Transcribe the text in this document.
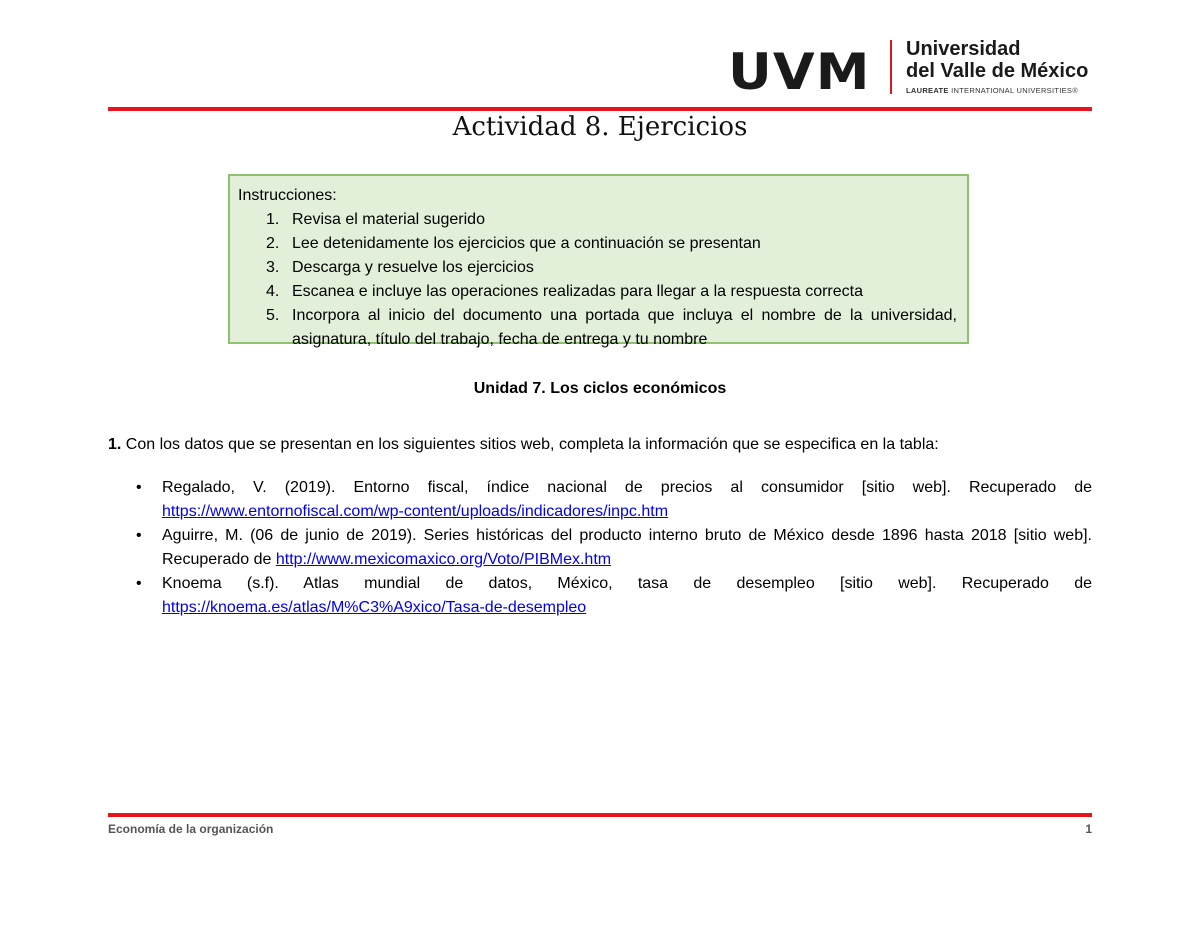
UVM Universidad
del Valle de México
LAUREATE INTERNATIONAL UNIVERSITIES®
Actividad 8. Ejercicios
Instrucciones:
1. Revisa el material sugerido
2. Lee detenidamente los ejercicios que a continuación se presentan
3. Descarga y resuelve los ejercicios
4. Escanea e incluye las operaciones realizadas para llegar a la respuesta correcta
5. Incorpora al inicio del documento una portada que incluya el nombre de la universidad, asignatura, título del trabajo, fecha de entrega y tu nombre
Unidad 7. Los ciclos económicos
1. Con los datos que se presentan en los siguientes sitios web, completa la información que se especifica en la tabla:
• Regalado, V. (2019). Entorno fiscal, índice nacional de precios al consumidor [sitio web]. Recuperado de https://www.entornofiscal.com/wp-content/uploads/indicadores/inpc.htm
• Aguirre, M. (06 de junio de 2019). Series históricas del producto interno bruto de México desde 1896 hasta 2018 [sitio web]. Recuperado de http://www.mexicomaxico.org/Voto/PIBMex.htm
• Knoema (s.f). Atlas mundial de datos, México, tasa de desempleo [sitio web]. Recuperado de https://knoema.es/atlas/M%C3%A9xico/Tasa-de-desempleo
Economía de la organización	1
